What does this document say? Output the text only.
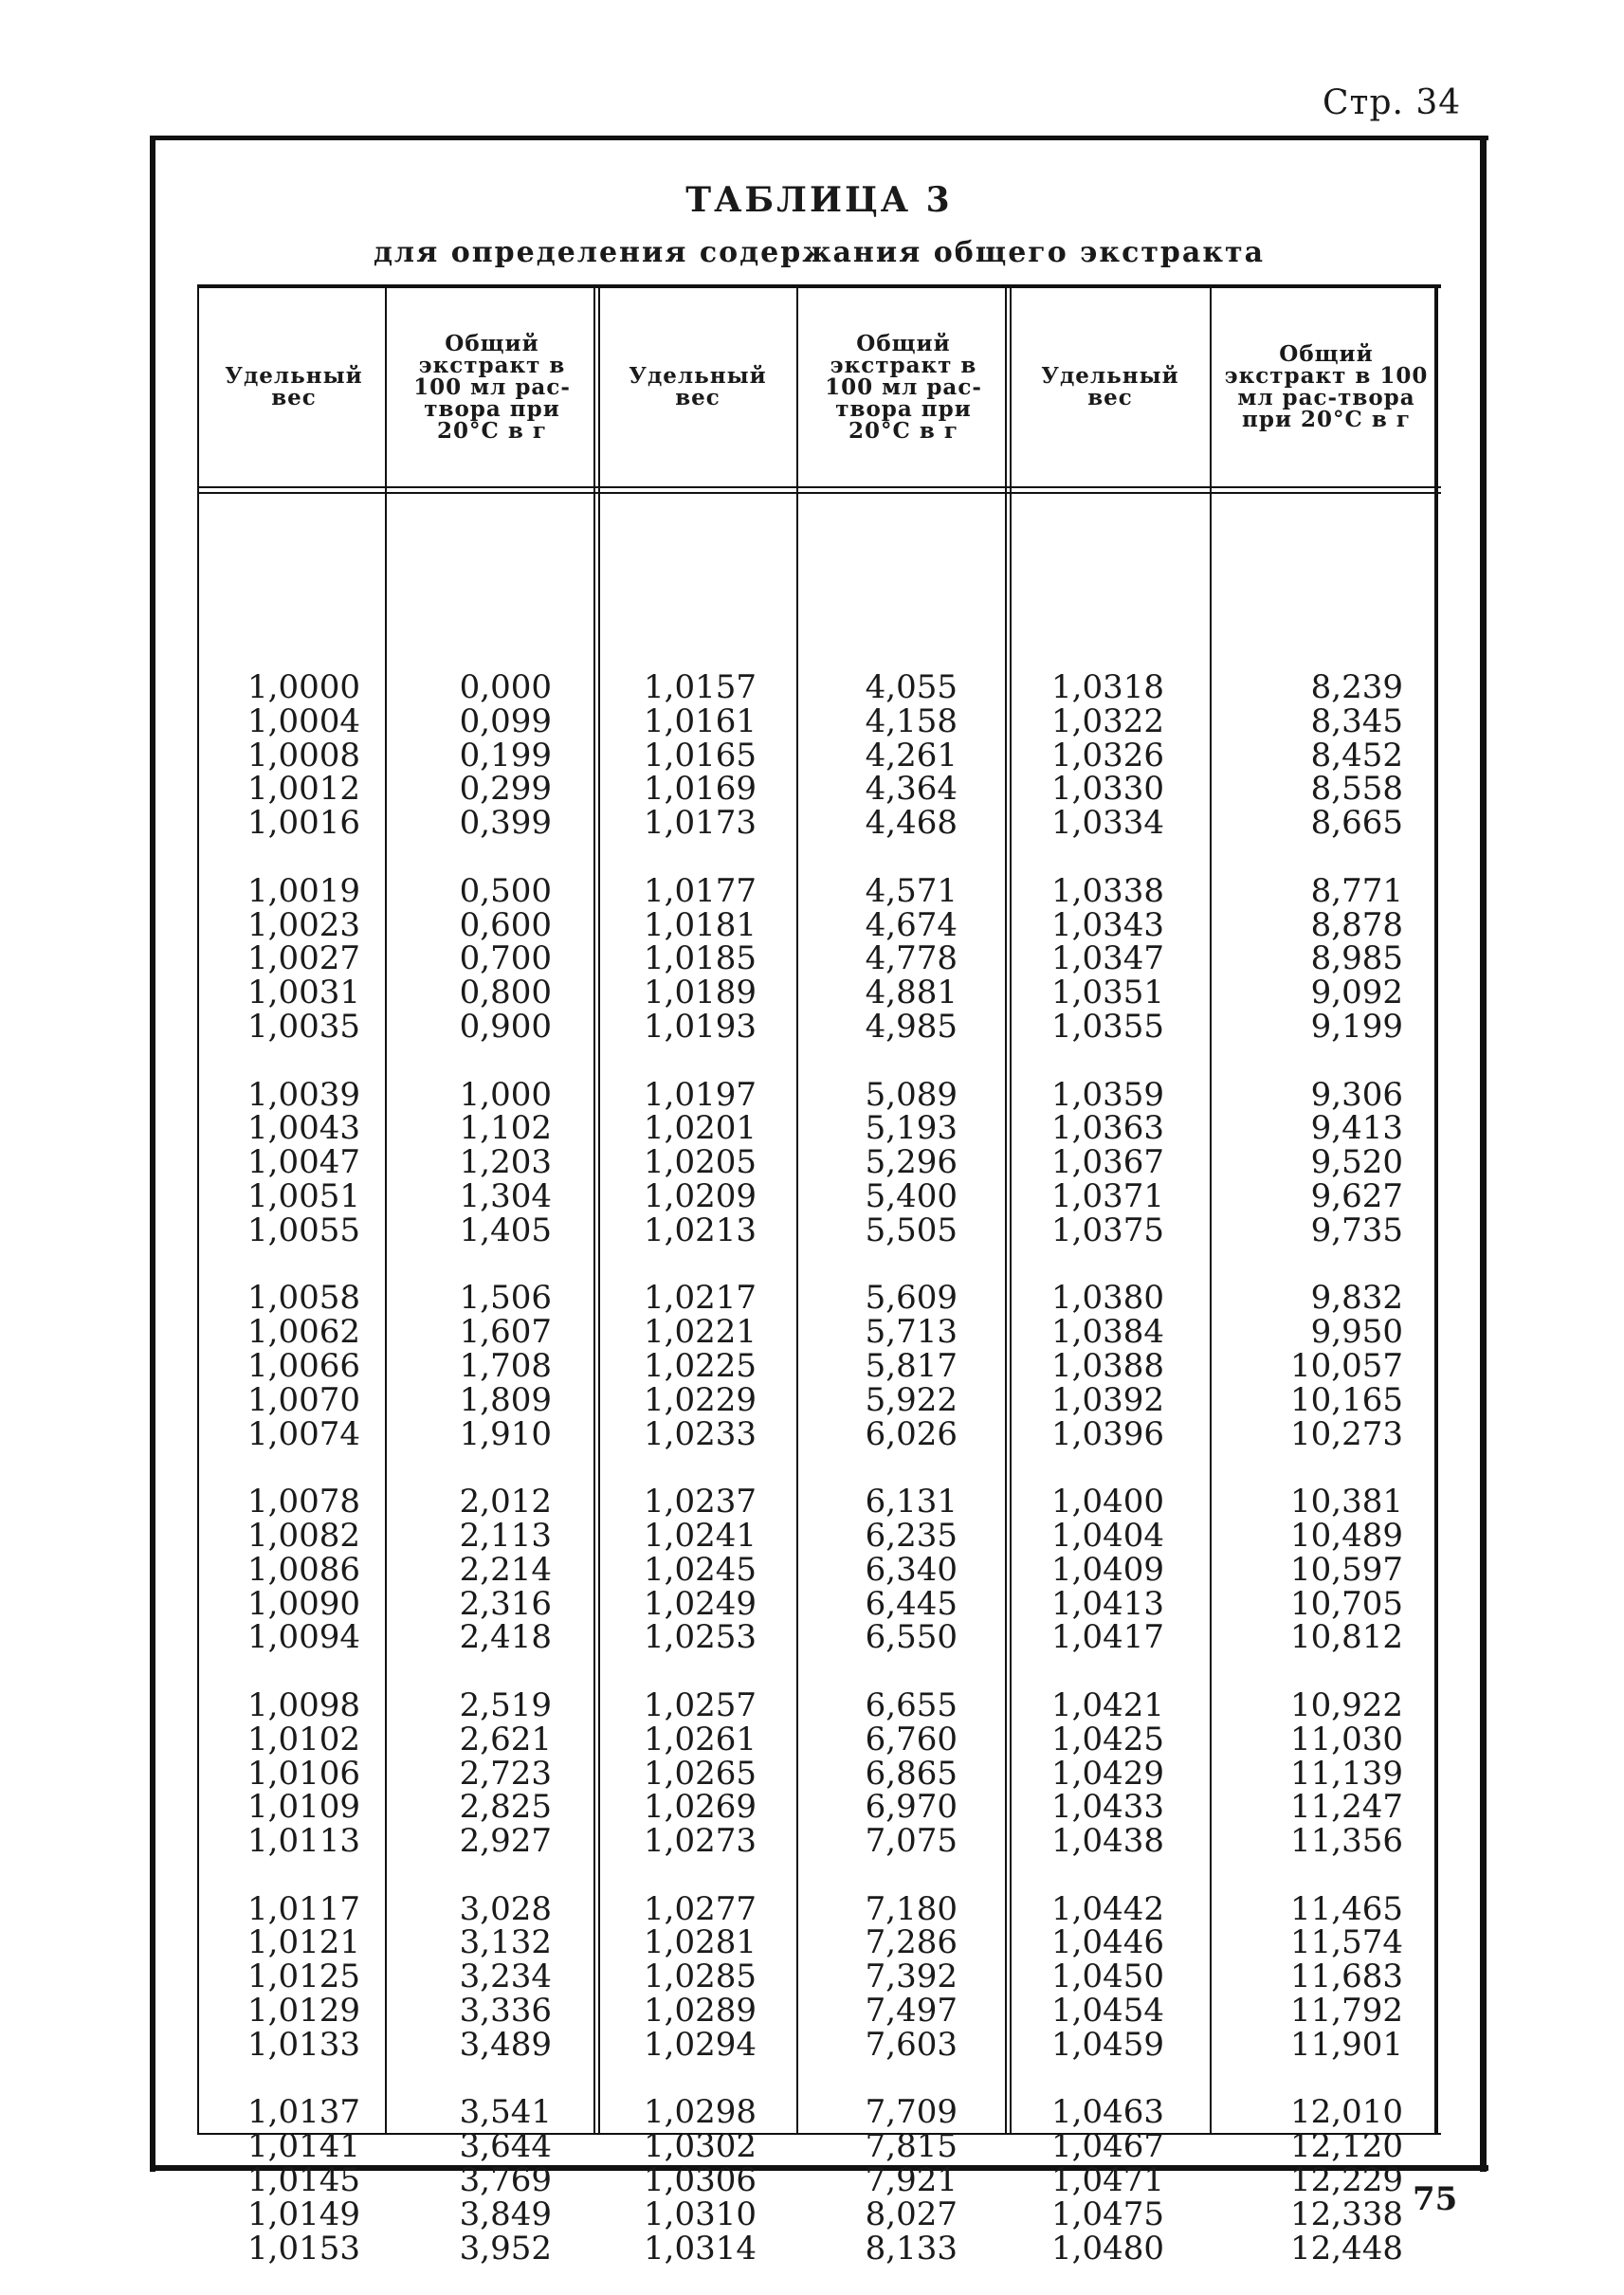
Стр. 34
ТАБЛИЦА 3
для определения содержания общего экстракта
Удельный вес
Общий экстракт в 100 мл рас-твора при 20°С в г
Удельный вес
Общий экстракт в 100 мл рас-твора при 20°С в г
Удельный вес
Общий экстракт в 100 мл рас-твора при 20°С в г
1,0000
1,0004
1,0008
1,0012
1,0016

1,0019
1,0023
1,0027
1,0031
1,0035

1,0039
1,0043
1,0047
1,0051
1,0055

1,0058
1,0062
1,0066
1,0070
1,0074

1,0078
1,0082
1,0086
1,0090
1,0094

1,0098
1,0102
1,0106
1,0109
1,0113

1,0117
1,0121
1,0125
1,0129
1,0133

1,0137
1,0141
1,0145
1,0149
1,0153
0,000
0,099
0,199
0,299
0,399

0,500
0,600
0,700
0,800
0,900

1,000
1,102
1,203
1,304
1,405

1,506
1,607
1,708
1,809
1,910

2,012
2,113
2,214
2,316
2,418

2,519
2,621
2,723
2,825
2,927

3,028
3,132
3,234
3,336
3,489

3,541
3,644
3,769
3,849
3,952
1,0157
1,0161
1,0165
1,0169
1,0173

1,0177
1,0181
1,0185
1,0189
1,0193

1,0197
1,0201
1,0205
1,0209
1,0213

1,0217
1,0221
1,0225
1,0229
1,0233

1,0237
1,0241
1,0245
1,0249
1,0253

1,0257
1,0261
1,0265
1,0269
1,0273

1,0277
1,0281
1,0285
1,0289
1,0294

1,0298
1,0302
1,0306
1,0310
1,0314
4,055
4,158
4,261
4,364
4,468

4,571
4,674
4,778
4,881
4,985

5,089
5,193
5,296
5,400
5,505

5,609
5,713
5,817
5,922
6,026

6,131
6,235
6,340
6,445
6,550

6,655
6,760
6,865
6,970
7,075

7,180
7,286
7,392
7,497
7,603

7,709
7,815
7,921
8,027
8,133
1,0318
1,0322
1,0326
1,0330
1,0334

1,0338
1,0343
1,0347
1,0351
1,0355

1,0359
1,0363
1,0367
1,0371
1,0375

1,0380
1,0384
1,0388
1,0392
1,0396

1,0400
1,0404
1,0409
1,0413
1,0417

1,0421
1,0425
1,0429
1,0433
1,0438

1,0442
1,0446
1,0450
1,0454
1,0459

1,0463
1,0467
1,0471
1,0475
1,0480
8,239
8,345
8,452
8,558
8,665

8,771
8,878
8,985
9,092
9,199

9,306
9,413
9,520
9,627
9,735

9,832
9,950
10,057
10,165
10,273

10,381
10,489
10,597
10,705
10,812

10,922
11,030
11,139
11,247
11,356

11,465
11,574
11,683
11,792
11,901

12,010
12,120
12,229
12,338
12,448
75
